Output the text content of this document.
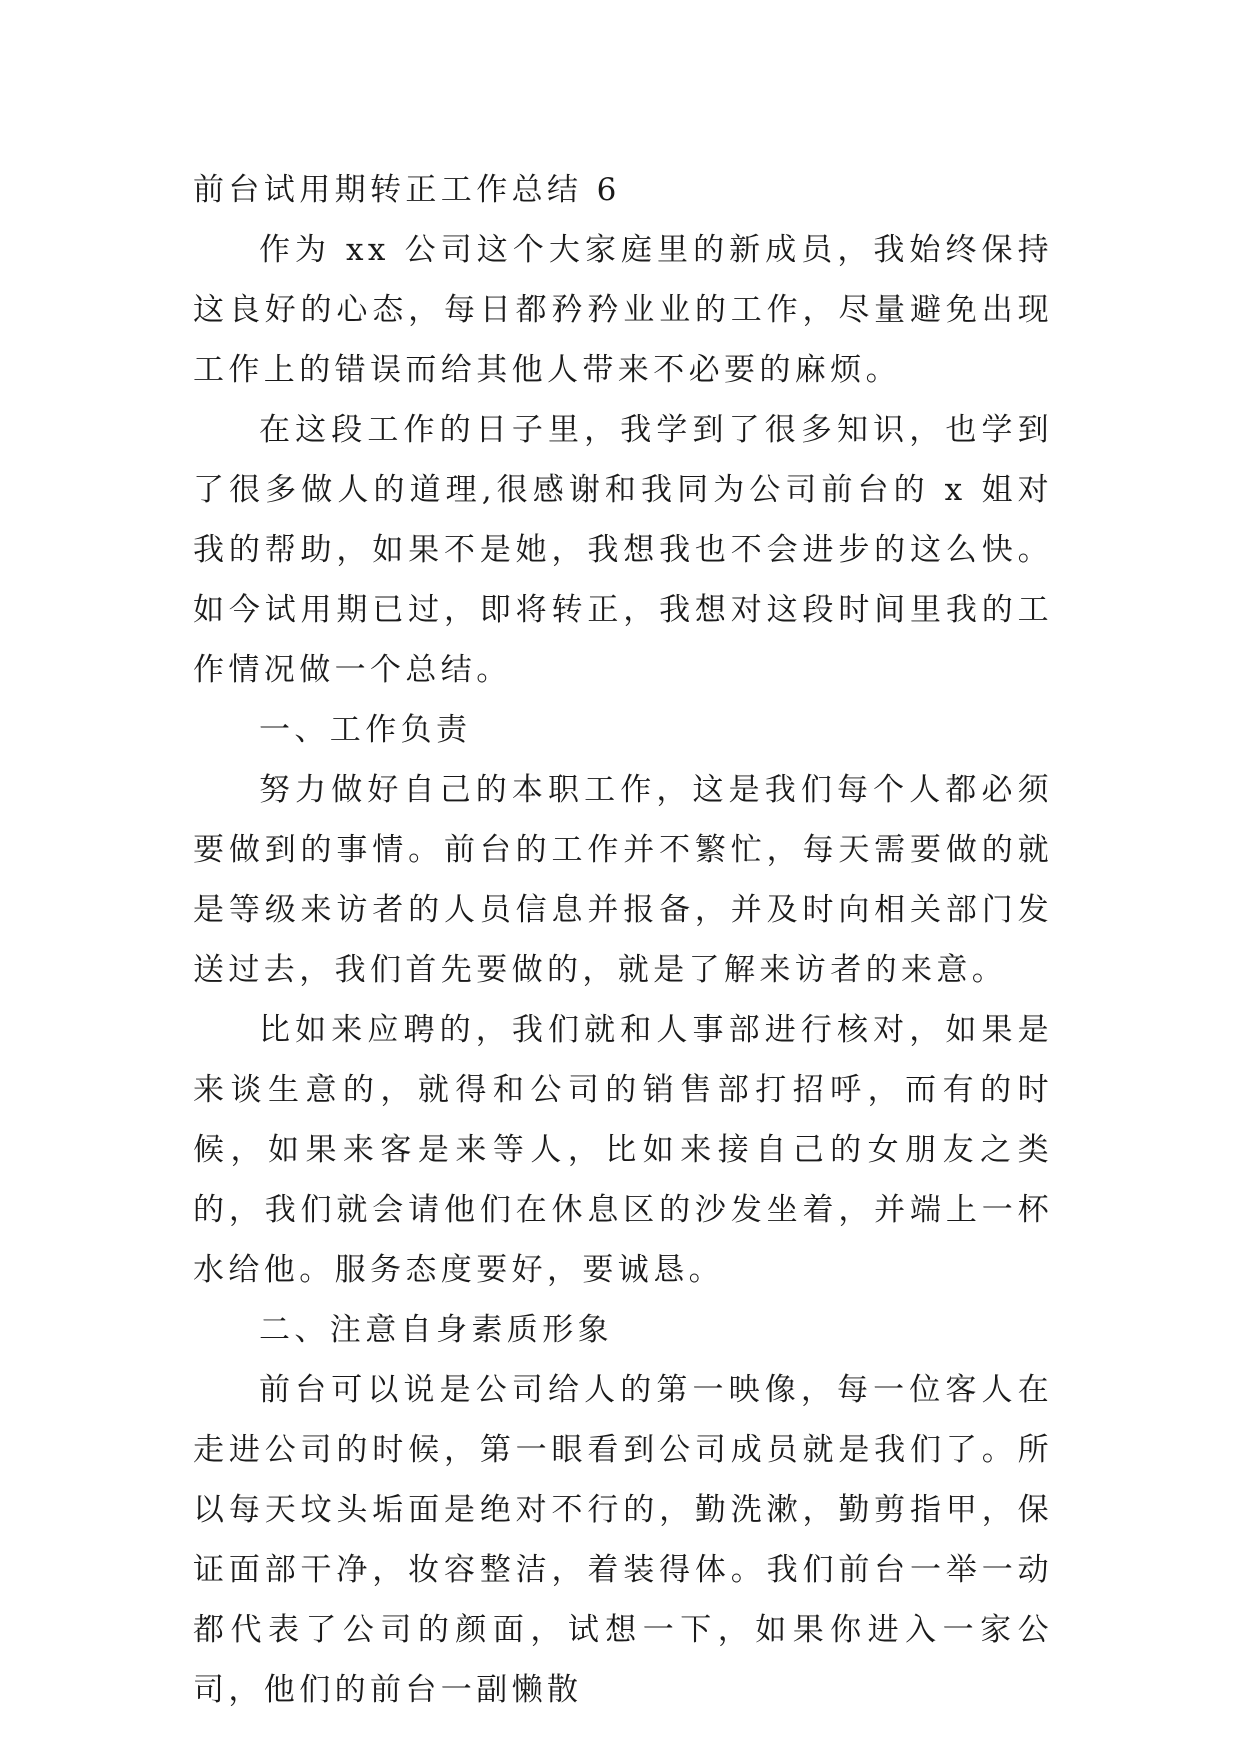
前台试用期转正工作总结 6

作为 xx 公司这个大家庭里的新成员，我始终保持这良好的心态，每日都矜矜业业的工作，尽量避免出现工作上的错误而给其他人带来不必要的麻烦。

在这段工作的日子里，我学到了很多知识，也学到了很多做人的道理,很感谢和我同为公司前台的 x 姐对我的帮助，如果不是她，我想我也不会进步的这么快。如今试用期已过，即将转正，我想对这段时间里我的工作情况做一个总结。

一、工作负责

努力做好自己的本职工作，这是我们每个人都必须要做到的事情。前台的工作并不繁忙，每天需要做的就是等级来访者的人员信息并报备，并及时向相关部门发送过去，我们首先要做的，就是了解来访者的来意。

比如来应聘的，我们就和人事部进行核对，如果是来谈生意的，就得和公司的销售部打招呼，而有的时候，如果来客是来等人，比如来接自己的女朋友之类的，我们就会请他们在休息区的沙发坐着，并端上一杯水给他。服务态度要好，要诚恳。

二、注意自身素质形象

前台可以说是公司给人的第一映像，每一位客人在走进公司的时候，第一眼看到公司成员就是我们了。所以每天坟头垢面是绝对不行的，勤洗漱，勤剪指甲，保证面部干净，妆容整洁，着装得体。我们前台一举一动都代表了公司的颜面，试想一下，如果你进入一家公司，他们的前台一副懒散
